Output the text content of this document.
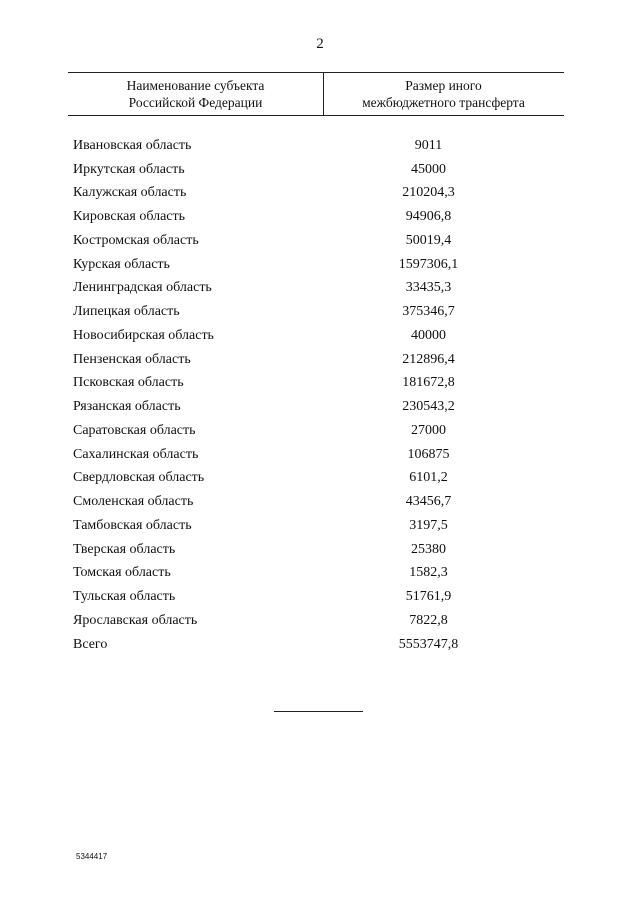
2
Наименование субъекта
Российской Федерации
Размер иного
межбюджетного трансферта
Ивановская область	9011
Иркутская область	45000
Калужская область	210204,3
Кировская область	94906,8
Костромская область	50019,4
Курская область	1597306,1
Ленинградская область	33435,3
Липецкая область	375346,7
Новосибирская область	40000
Пензенская область	212896,4
Псковская область	181672,8
Рязанская область	230543,2
Саратовская область	27000
Сахалинская область	106875
Свердловская область	6101,2
Смоленская область	43456,7
Тамбовская область	3197,5
Тверская область	25380
Томская область	1582,3
Тульская область	51761,9
Ярославская область	7822,8
Всего	5553747,8
5344417
